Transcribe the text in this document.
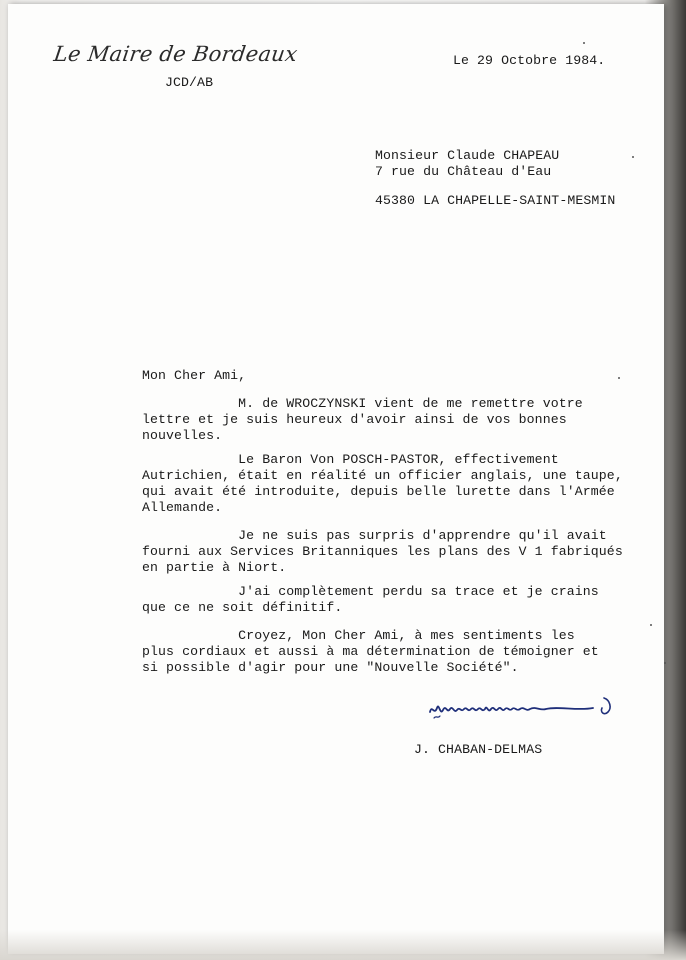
Le Maire de Bordeaux
JCD/AB
Le 29 Octobre 1984.
Monsieur Claude CHAPEAU
7 rue du Château d'Eau
45380 LA CHAPELLE-SAINT-MESMIN
Mon Cher Ami,
M. de WROCZYNSKI vient de me remettre votre
lettre et je suis heureux d'avoir ainsi de vos bonnes
nouvelles.
Le Baron Von POSCH-PASTOR, effectivement
Autrichien, était en réalité un officier anglais, une taupe,
qui avait été introduite, depuis belle lurette dans l'Armée
Allemande.
Je ne suis pas surpris d'apprendre qu'il avait
fourni aux Services Britanniques les plans des V 1 fabriqués
en partie à Niort.
J'ai complètement perdu sa trace et je crains
que ce ne soit définitif.
Croyez, Mon Cher Ami, à mes sentiments les
plus cordiaux et aussi à ma détermination de témoigner et
si possible d'agir pour une "Nouvelle Société".
J. CHABAN-DELMAS
